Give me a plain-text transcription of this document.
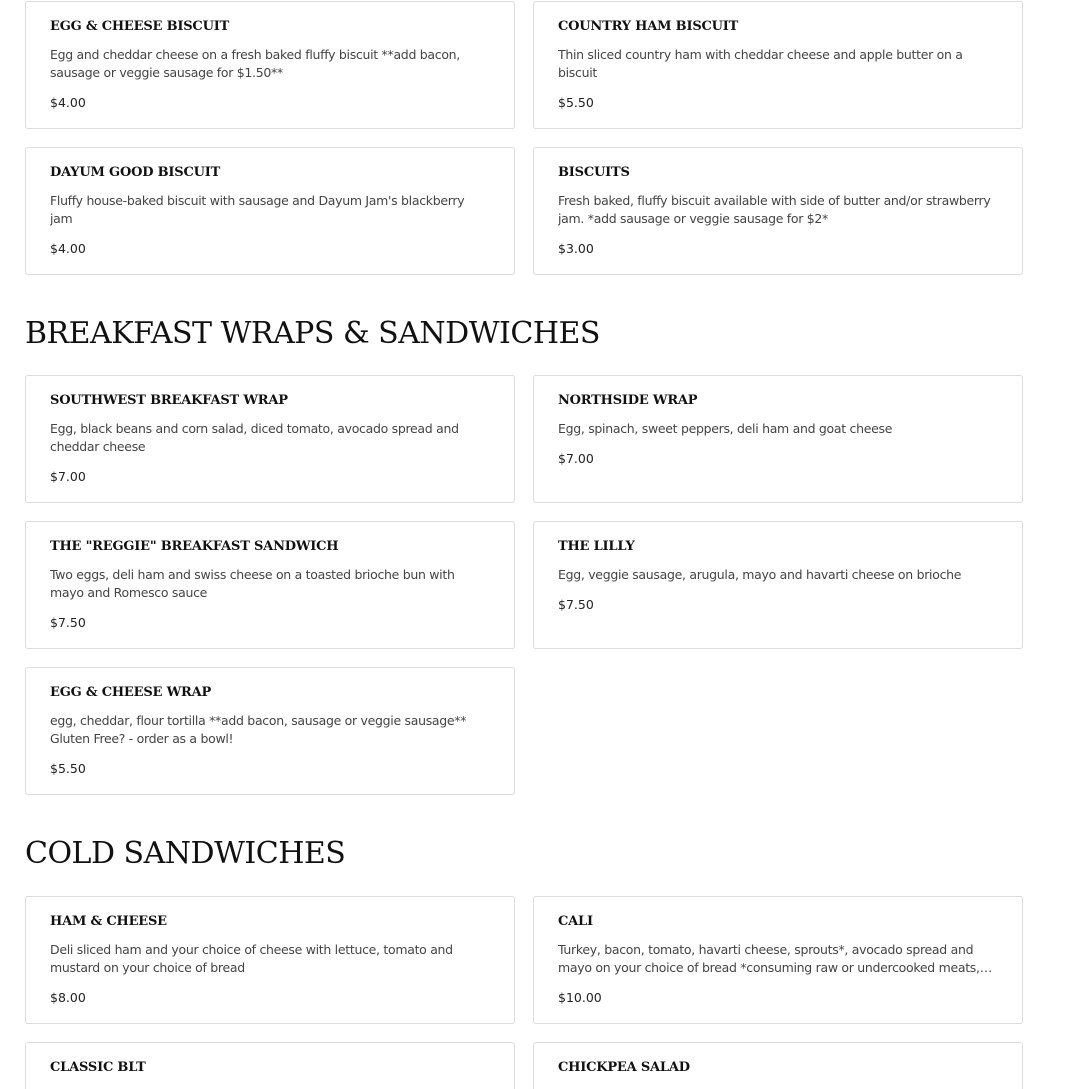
EGG & CHEESE BISCUIT
Egg and cheddar cheese on a fresh baked fluffy biscuit **add bacon, sausage or veggie sausage for $1.50**
$4.00
COUNTRY HAM BISCUIT
Thin sliced country ham with cheddar cheese and apple butter on a biscuit
$5.50
DAYUM GOOD BISCUIT
Fluffy house-baked biscuit with sausage and Dayum Jam's blackberry jam
$4.00
BISCUITS
Fresh baked, fluffy biscuit available with side of butter and/or strawberry jam. *add sausage or veggie sausage for $2*
$3.00
BREAKFAST WRAPS & SANDWICHES
SOUTHWEST BREAKFAST WRAP
Egg, black beans and corn salad, diced tomato, avocado spread and cheddar cheese
$7.00
NORTHSIDE WRAP
Egg, spinach, sweet peppers, deli ham and goat cheese
$7.00
THE "REGGIE" BREAKFAST SANDWICH
Two eggs, deli ham and swiss cheese on a toasted brioche bun with mayo and Romesco sauce
$7.50
THE LILLY
Egg, veggie sausage, arugula, mayo and havarti cheese on brioche
$7.50
EGG & CHEESE WRAP
egg, cheddar, flour tortilla **add bacon, sausage or veggie sausage** Gluten Free? - order as a bowl!
$5.50
COLD SANDWICHES
HAM & CHEESE
Deli sliced ham and your choice of cheese with lettuce, tomato and mustard on your choice of bread
$8.00
CALI
Turkey, bacon, tomato, havarti cheese, sprouts*, avocado spread and mayo on your choice of bread *consuming raw or undercooked meats,
$10.00
CLASSIC BLT	CHICKPEA SALAD
